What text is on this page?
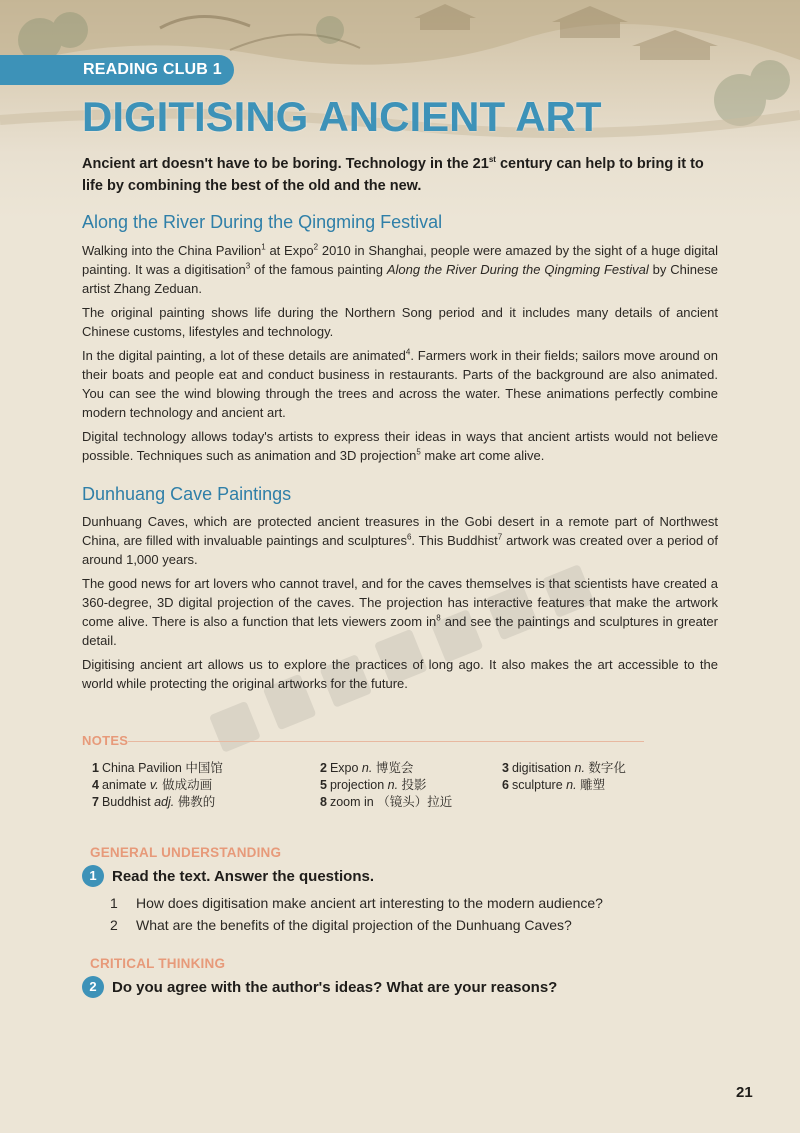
READING CLUB 1
DIGITISING ANCIENT ART
Ancient art doesn't have to be boring. Technology in the 21st century can help to bring it to life by combining the best of the old and the new.
Along the River During the Qingming Festival

Walking into the China Pavilion$^1$ at Expo$^2$ 2010 in Shanghai, people were amazed by the sight of a huge digital painting. It was a digitisation$^3$ of the famous painting Along the River During the Qingming Festival by Chinese artist Zhang Zeduan.

The original painting shows life during the Northern Song period and it includes many details of ancient Chinese customs, lifestyles and technology.

In the digital painting, a lot of these details are animated$^4$. Farmers work in their fields; sailors move around on their boats and people eat and conduct business in restaurants. Parts of the background are also animated. You can see the wind blowing through the trees and across the water. These animations perfectly combine modern technology and ancient art.

Digital technology allows today's artists to express their ideas in ways that ancient artists would not believe possible. Techniques such as animation and 3D projection$^5$ make art come alive.

Dunhuang Cave Paintings

Dunhuang Caves, which are protected ancient treasures in the Gobi desert in a remote part of Northwest China, are filled with invaluable paintings and sculptures$^6$. This Buddhist$^7$ artwork was created over a period of around 1,000 years.

The good news for art lovers who cannot travel, and for the caves themselves is that scientists have created a 360-degree, 3D digital projection of the caves. The projection has interactive features that make the artwork come alive. There is also a function that lets viewers zoom $in^8$ and see the paintings and sculptures in greater detail.

Digitising ancient art allows us to explore the practices of long ago. It also makes the art accessible to the world while protecting the original artworks for the future.

NOTES
1 China Pavilion 中国馆	2 Expo n. 博览会	3 digitisation n. 数字化
4 animate v. 做成动画	5 projection n. 投影	6 sculpture n. 雕塑
7 Buddhist adj. 佛教的	8 zoom in （镜头）拉近
GENERAL UNDERSTANDING
1	Read the text. Answer the questions.
1	How does digitisation make ancient art interesting to the modern audience?
2	What are the benefits of the digital projection of the Dunhuang Caves?
CRITICAL THINKING
2	Do you agree with the author's ideas? What are your reasons?
21
